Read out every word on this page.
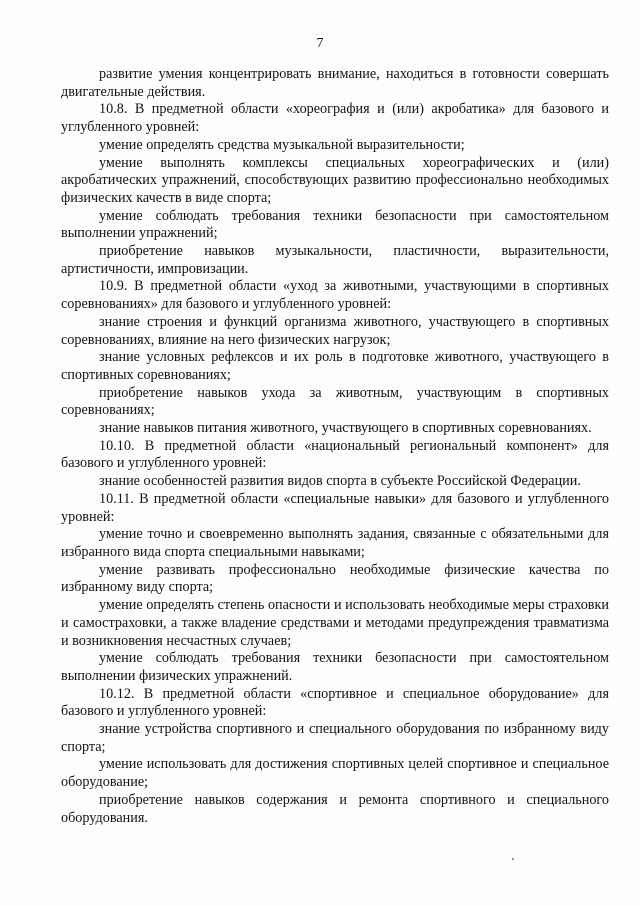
7

развитие умения концентрировать внимание, находиться в готовности совершать двигательные действия.

10.8. В предметной области «хореография и (или) акробатика» для базового и углубленного уровней:

умение определять средства музыкальной выразительности;

умение выполнять комплексы специальных хореографических и (или) акробатических упражнений, способствующих развитию профессионально необходимых физических качеств в виде спорта;

умение соблюдать требования техники безопасности при самостоятельном выполнении упражнений;

приобретение навыков музыкальности, пластичности, выразительности, артистичности, импровизации.

10.9. В предметной области «уход за животными, участвующими в спортивных соревнованиях» для базового и углубленного уровней:

знание строения и функций организма животного, участвующего в спортивных соревнованиях, влияние на него физических нагрузок;

знание условных рефлексов и их роль в подготовке животного, участвующего в спортивных соревнованиях;

приобретение навыков ухода за животным, участвующим в спортивных соревнованиях;

знание навыков питания животного, участвующего в спортивных соревнованиях.

10.10. В предметной области «национальный региональный компонент» для базового и углубленного уровней:

знание особенностей развития видов спорта в субъекте Российской Федерации.

10.11. В предметной области «специальные навыки» для базового и углубленного уровней:

умение точно и своевременно выполнять задания, связанные с обязательными для избранного вида спорта специальными навыками;

умение развивать профессионально необходимые физические качества по избранному виду спорта;

умение определять степень опасности и использовать необходимые меры страховки и самостраховки, а также владение средствами и методами предупреждения травматизма и возникновения несчастных случаев;

умение соблюдать требования техники безопасности при самостоятельном выполнении физических упражнений.

10.12. В предметной области «спортивное и специальное оборудование» для базового и углубленного уровней:

знание устройства спортивного и специального оборудования по избранному виду спорта;

умение использовать для достижения спортивных целей спортивное и специальное оборудование;

приобретение навыков содержания и ремонта спортивного и специального оборудования.
